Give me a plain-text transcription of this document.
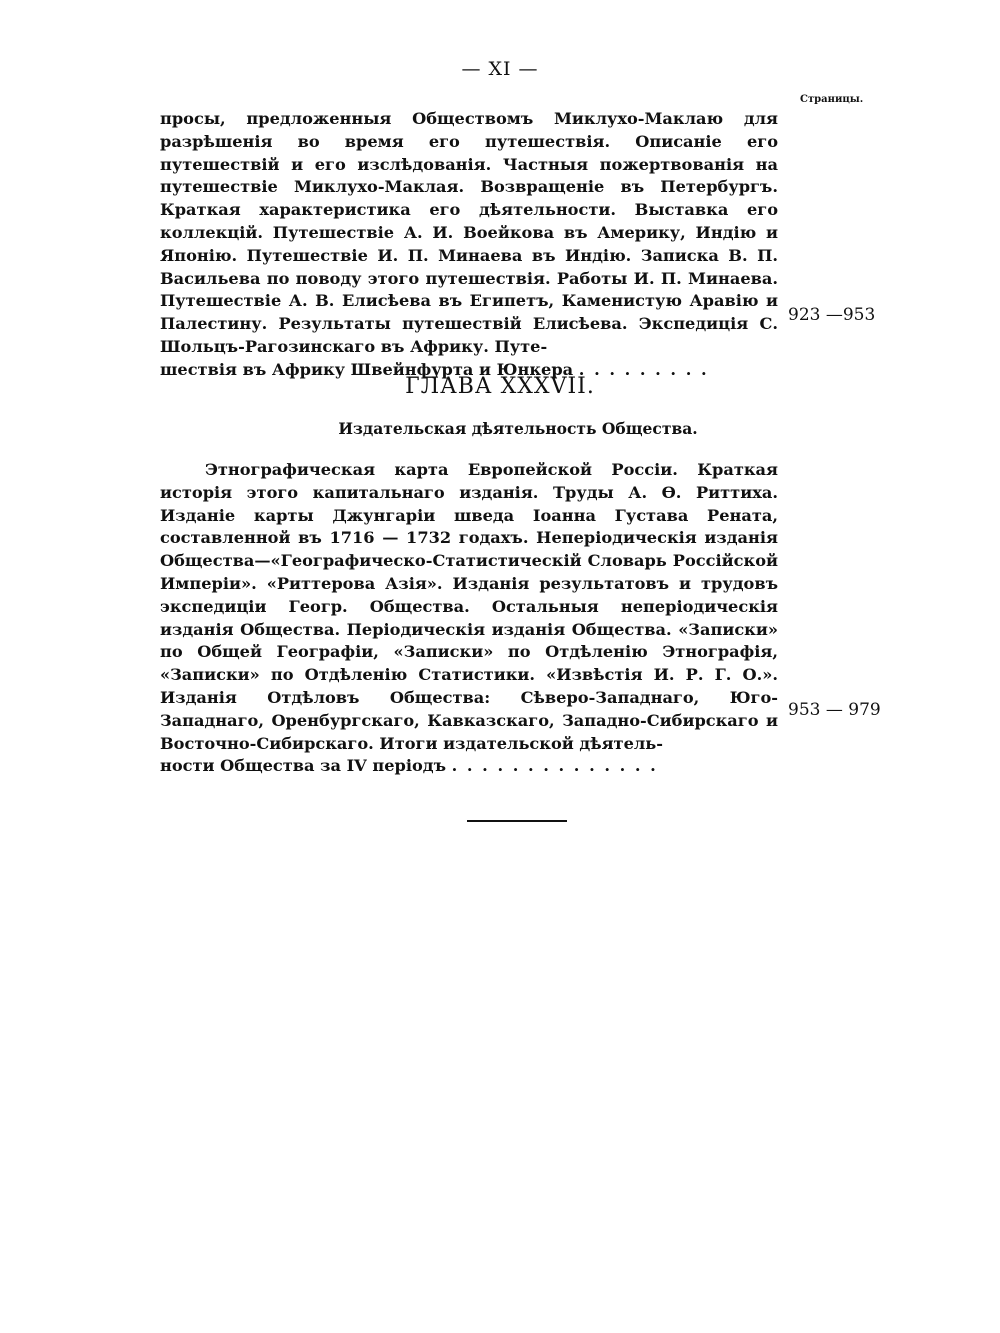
— XI —
Страницы.

просы, предложенныя Обществомъ Миклухо-Маклаю для разрѣшенія во время его путешествія. Описаніе его путешествій и его изслѣдованія. Частныя пожертвованія на путешествіе Миклухо-Маклая. Возвращеніе въ Петербургъ. Краткая характеристика его дѣятельности. Выставка его коллекцій. Путешествіе А. И. Воейкова въ Америку, Индію и Японію. Путешествіе И. П. Минаева въ Индію. Записка В. П. Васильева по поводу этого путешествія. Работы И. П. Минаева. Путешествіе А. В. Елисѣева въ Египетъ, Каменистую Аравію и Палестину. Результаты путешествій Елисѣева. Экспедиція С. Шольцъ-Рагозинскаго въ Африку. Путе-

шествія въ Африку Швейнфурта и Юнкера . . . . . . . . .
923 —953
ГЛАВА XXXVII.
Издательская дѣятельность Общества.

Этнографическая карта Европейской Россіи. Краткая исторія этого капитальнаго изданія. Труды А. Ѳ. Риттиха. Изданіе карты Джунгаріи шведа Іоанна Густава Рената, составленной въ 1716 — 1732 годахъ. Непеpiодическія изданія Общества—«Географическо-Статистическій Словарь Россійской Имперіи». «Риттерова Азія». Изданія результатовъ и трудовъ экспедиціи Геогр. Общества. Остальныя непеpiодическія изданія Общества. Періодическія изданія Общества. «Записки» по Общей Географіи, «Записки» по Отдѣленію Этнографія, «Записки» по Отдѣленію Статистики. «Извѣстія И. Р. Г. О.». Изданія Отдѣловъ Общества: Сѣверо-Западнаго, Юго-Западнаго, Оренбургскаго, Кавказскаго, Западно-Сибирскаго и Восточно-Сибирскаго. Итоги издательской дѣятель-

ности Общества за IV періодъ . . . . . . . . . . . . . .
953 — 979
